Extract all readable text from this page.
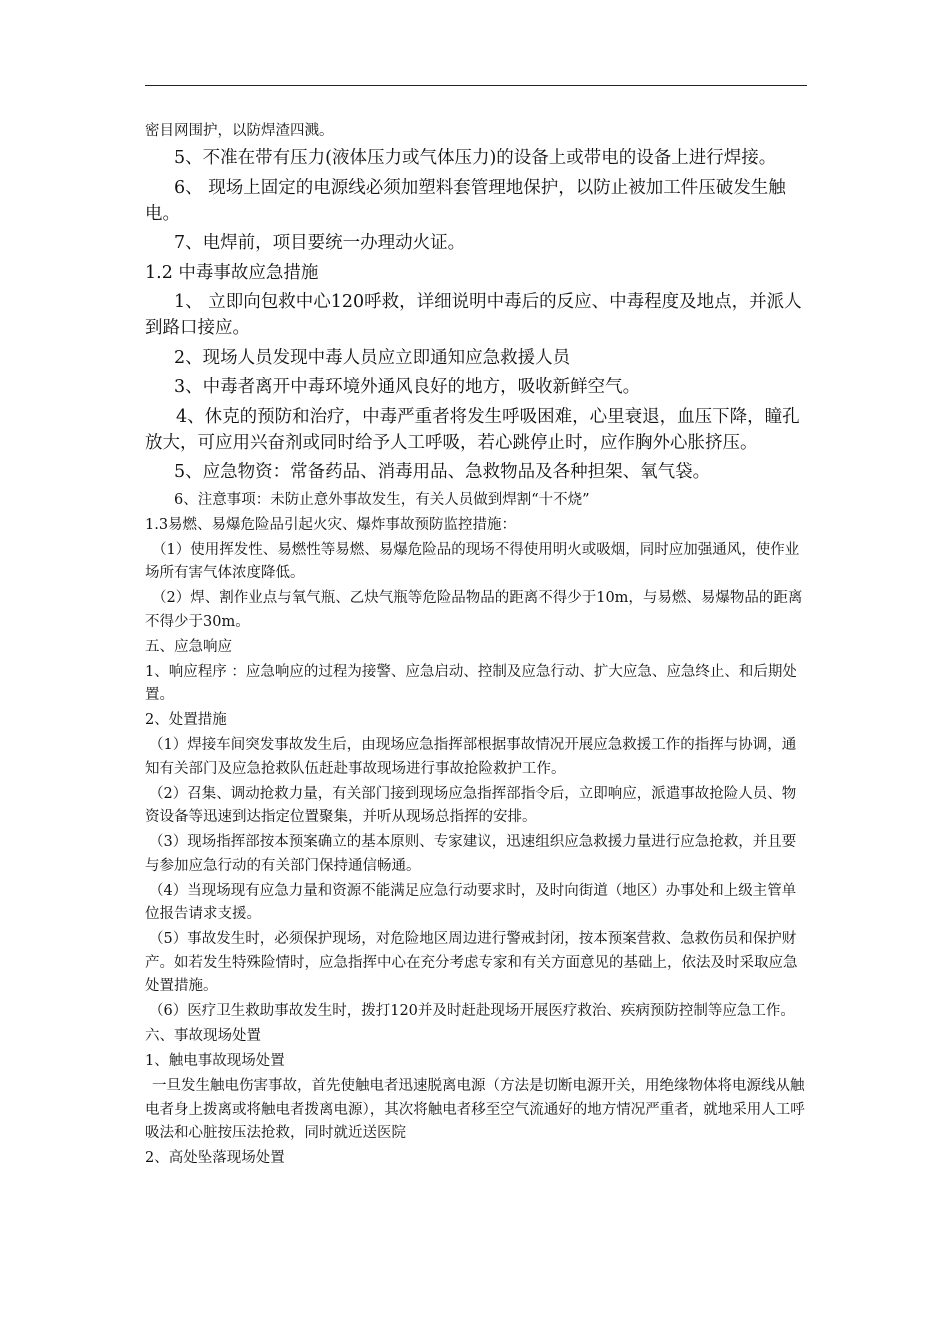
密目网围护，以防焊渣四溅。

5、不准在带有压力(液体压力或气体压力)的设备上或带电的设备上进行焊接。

6、 现场上固定的电源线必须加塑料套管理地保护，以防止被加工件压破发生触电。

7、电焊前，项目要统一办理动火证。

1.2 中毒事故应急措施

1、 立即向包救中心120呼救，详细说明中毒后的反应、中毒程度及地点，并派人到路口接应。

2、现场人员发现中毒人员应立即通知应急救援人员

3、中毒者离开中毒环境外通风良好的地方，吸收新鲜空气。

4、休克的预防和治疗，中毒严重者将发生呼吸困难，心里衰退，血压下降，瞳孔放大，可应用兴奋剂或同时给予人工呼吸，若心跳停止时，应作胸外心胀挤压。

5、应急物资：常备药品、消毒用品、急救物品及各种担架、氧气袋。

6、注意事项：未防止意外事故发生，有关人员做到焊割“十不烧”

1.3易燃、易爆危险品引起火灾、爆炸事故预防监控措施：

（1）使用挥发性、易燃性等易燃、易爆危险品的现场不得使用明火或吸烟，同时应加强通风，使作业场所有害气体浓度降低。

（2）焊、割作业点与氧气瓶、乙炔气瓶等危险品物品的距离不得少于10m，与易燃、易爆物品的距离不得少于30m。

五、应急响应

1、响应程序 ：应急响应的过程为接警、应急启动、控制及应急行动、扩大应急、应急终止、和后期处置。

2、处置措施

（1）焊接车间突发事故发生后，由现场应急指挥部根据事故情况开展应急救援工作的指挥与协调，通知有关部门及应急抢救队伍赶赴事故现场进行事故抢险救护工作。

（2）召集、调动抢救力量，有关部门接到现场应急指挥部指令后，立即响应，派遣事故抢险人员、物资设备等迅速到达指定位置聚集，并听从现场总指挥的安排。

（3）现场指挥部按本预案确立的基本原则、专家建议，迅速组织应急救援力量进行应急抢救，并且要与参加应急行动的有关部门保持通信畅通。

（4）当现场现有应急力量和资源不能满足应急行动要求时，及时向街道（地区）办事处和上级主管单位报告请求支援。

（5）事故发生时，必须保护现场，对危险地区周边进行警戒封闭，按本预案营救、急救伤员和保护财产。如若发生特殊险情时，应急指挥中心在充分考虑专家和有关方面意见的基础上，依法及时采取应急处置措施。

（6）医疗卫生救助事故发生时，拨打120并及时赶赴现场开展医疗救治、疾病预防控制等应急工作。

六、事故现场处置

1、触电事故现场处置

一旦发生触电伤害事故，首先使触电者迅速脱离电源（方法是切断电源开关，用绝缘物体将电源线从触电者身上拨离或将触电者拨离电源），其次将触电者移至空气流通好的地方情况严重者，就地采用人工呼吸法和心脏按压法抢救，同时就近送医院

2、高处坠落现场处置
